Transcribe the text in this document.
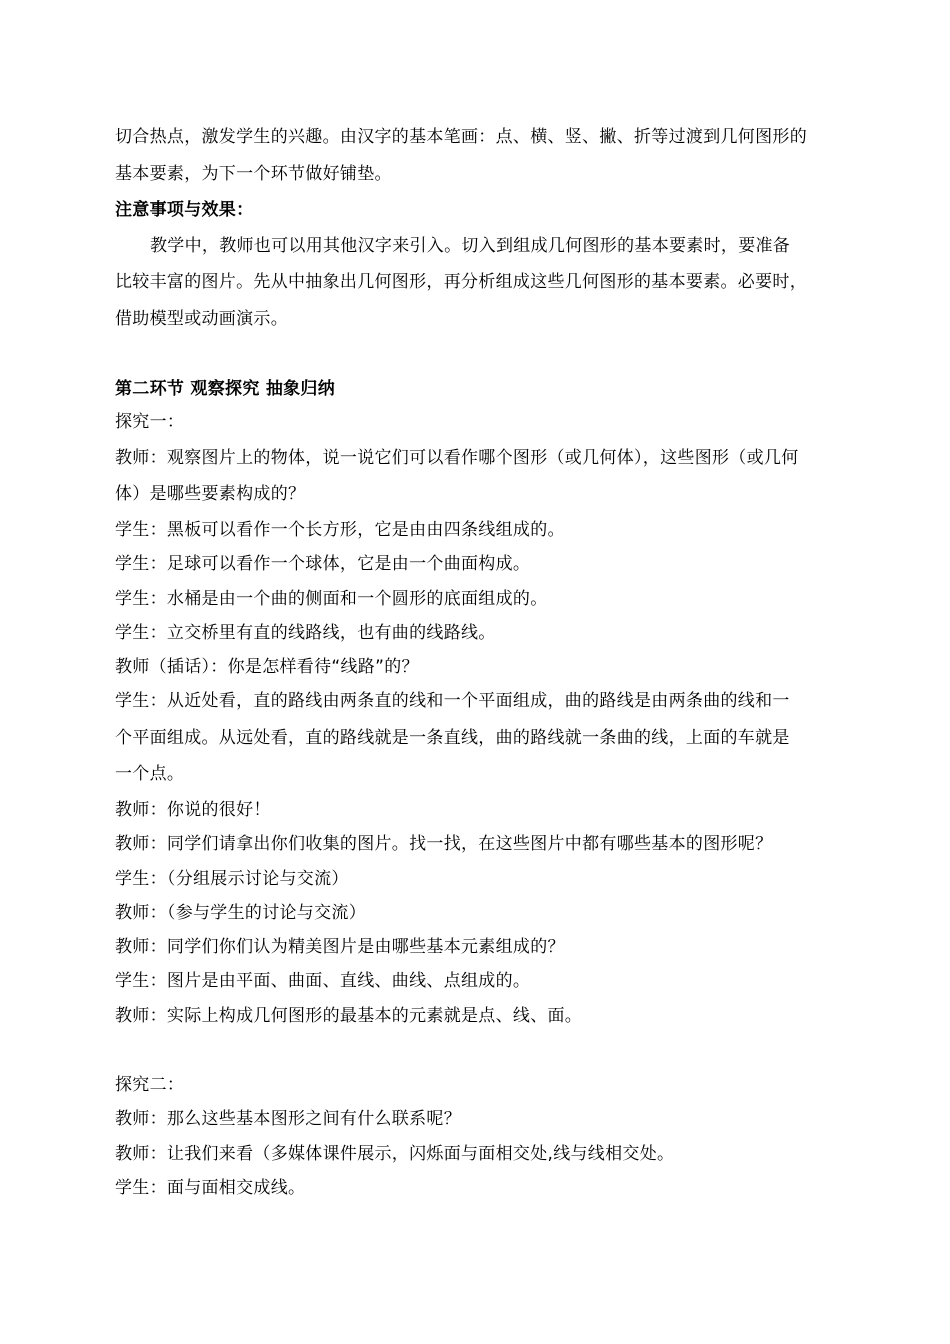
切合热点，激发学生的兴趣。由汉字的基本笔画：点、横、竖、撇、折等过渡到几何图形的
基本要素，为下一个环节做好铺垫。
注意事项与效果：
教学中，教师也可以用其他汉字来引入。切入到组成几何图形的基本要素时，要准备
比较丰富的图片。先从中抽象出几何图形，再分析组成这些几何图形的基本要素。必要时，
借助模型或动画演示。
第二环节 观察探究 抽象归纳
探究一：
教师：观察图片上的物体，说一说它们可以看作哪个图形（或几何体），这些图形（或几何
体）是哪些要素构成的？
学生：黑板可以看作一个长方形，它是由由四条线组成的。
学生：足球可以看作一个球体，它是由一个曲面构成。
学生：水桶是由一个曲的侧面和一个圆形的底面组成的。
学生：立交桥里有直的线路线，也有曲的线路线。
教师（插话）：你是怎样看待“线路”的？
学生：从近处看，直的路线由两条直的线和一个平面组成，曲的路线是由两条曲的线和一
个平面组成。从远处看，直的路线就是一条直线，曲的路线就一条曲的线，上面的车就是
一个点。
教师：你说的很好！
教师：同学们请拿出你们收集的图片。找一找，在这些图片中都有哪些基本的图形呢？
学生：（分组展示讨论与交流）
教师：（参与学生的讨论与交流）
教师：同学们你们认为精美图片是由哪些基本元素组成的？
学生：图片是由平面、曲面、直线、曲线、点组成的。
教师：实际上构成几何图形的最基本的元素就是点、线、面。
探究二：
教师：那么这些基本图形之间有什么联系呢？
教师：让我们来看（多媒体课件展示，闪烁面与面相交处,线与线相交处。
学生：面与面相交成线。
